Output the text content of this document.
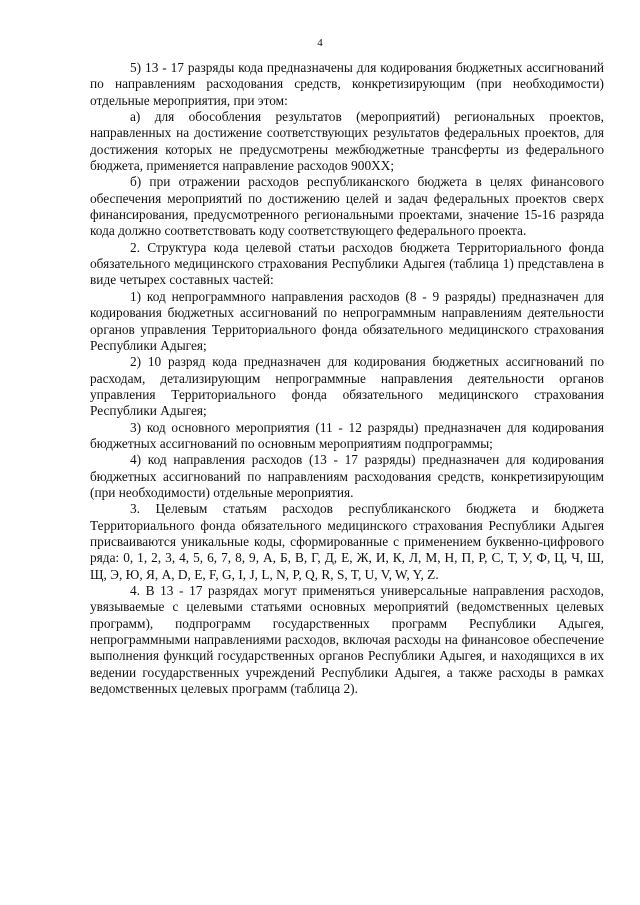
4

5) 13 - 17 разряды кода предназначены для кодирования бюджетных ассигнований по направлениям расходования средств, конкретизирующим (при необходимости) отдельные мероприятия, при этом:

а) для обособления результатов (мероприятий) региональных проектов, направленных на достижение соответствующих результатов федеральных проектов, для достижения которых не предусмотрены межбюджетные трансферты из федерального бюджета, применяется направление расходов 900XX;

б) при отражении расходов республиканского бюджета в целях финансового обеспечения мероприятий по достижению целей и задач федеральных проектов сверх финансирования, предусмотренного региональными проектами, значение 15-16 разряда кода должно соответствовать коду соответствующего федерального проекта.

2. Структура кода целевой статьи расходов бюджета Территориального фонда обязательного медицинского страхования Республики Адыгея (таблица 1) представлена в виде четырех составных частей:

1) код непрограммного направления расходов (8 - 9 разряды) предназначен для кодирования бюджетных ассигнований по непрограммным направлениям деятельности органов управления Территориального фонда обязательного медицинского страхования Республики Адыгея;

2) 10 разряд кода предназначен для кодирования бюджетных ассигнований по расходам, детализирующим непрограммные направления деятельности органов управления Территориального фонда обязательного медицинского страхования Республики Адыгея;

3) код основного мероприятия (11 - 12 разряды) предназначен для кодирования бюджетных ассигнований по основным мероприятиям подпрограммы;

4) код направления расходов (13 - 17 разряды) предназначен для кодирования бюджетных ассигнований по направлениям расходования средств, конкретизирующим (при необходимости) отдельные мероприятия.

3. Целевым статьям расходов республиканского бюджета и бюджета Территориального фонда обязательного медицинского страхования Республики Адыгея присваиваются уникальные коды, сформированные с применением буквенно-цифрового ряда: 0, 1, 2, 3, 4, 5, 6, 7, 8, 9, А, Б, В, Г, Д, Е, Ж, И, К, Л, М, Н, П, Р, С, Т, У, Ф, Ц, Ч, Ш, Щ, Э, Ю, Я, A, D, E, F, G, I, J, L, N, P, Q, R, S, T, U, V, W, Y, Z.

4. В 13 - 17 разрядах могут применяться универсальные направления расходов, увязываемые с целевыми статьями основных мероприятий (ведомственных целевых программ), подпрограмм государственных программ Республики Адыгея, непрограммными направлениями расходов, включая расходы на финансовое обеспечение выполнения функций государственных органов Республики Адыгея, и находящихся в их ведении государственных учреждений Республики Адыгея, а также расходы в рамках ведомственных целевых программ (таблица 2).
